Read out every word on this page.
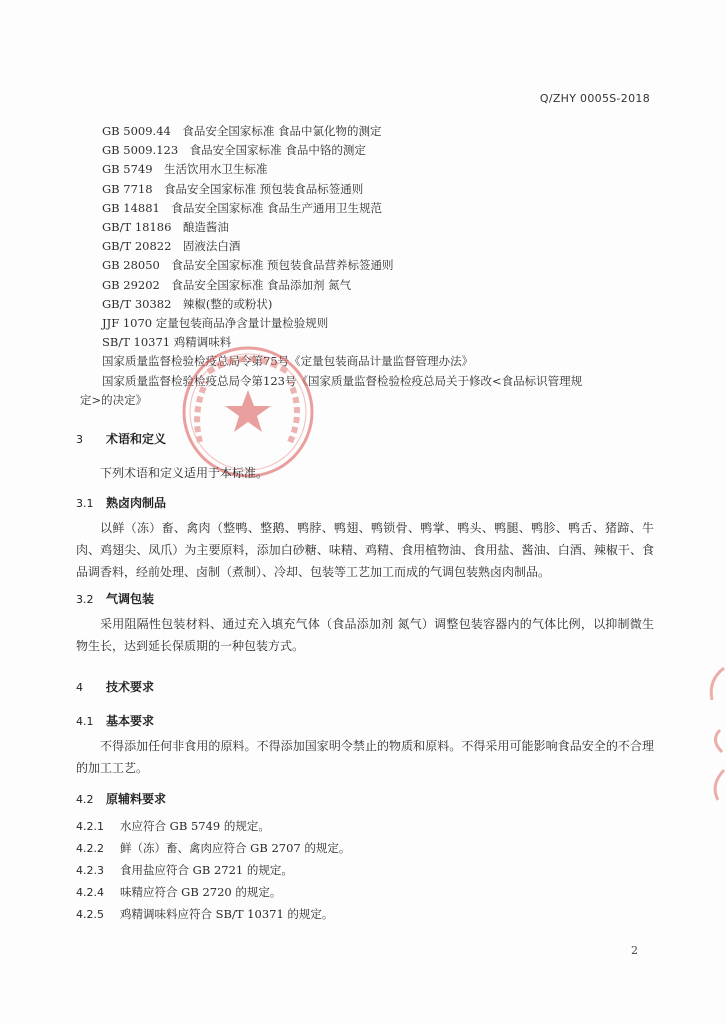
Q/ZHY 0005S-2018
GB 5009.44　食品安全国家标准 食品中氯化物的测定
GB 5009.123　食品安全国家标准 食品中铬的测定
GB 5749　生活饮用水卫生标准
GB 7718　食品安全国家标准 预包装食品标签通则
GB 14881　食品安全国家标准 食品生产通用卫生规范
GB/T 18186　酿造酱油
GB/T 20822　固液法白酒
GB 28050　食品安全国家标准 预包装食品营养标签通则
GB 29202　食品安全国家标准 食品添加剂 氮气
GB/T 30382　辣椒(整的或粉状)
JJF 1070 定量包装商品净含量计量检验规则
SB/T 10371 鸡精调味料
国家质量监督检验检疫总局令第75号《定量包装商品计量监督管理办法》
国家质量监督检验检疫总局令第123号《国家质量监督检验检疫总局关于修改<食品标识管理规
定>的决定》
3 术语和定义
下列术语和定义适用于本标准。
3.1 熟卤肉制品
以鲜（冻）畜、禽肉（整鸭、整鹅、鸭脖、鸭翅、鸭锁骨、鸭掌、鸭头、鸭腿、鸭胗、鸭舌、猪蹄、牛肉、鸡翅尖、凤爪）为主要原料，添加白砂糖、味精、鸡精、食用植物油、食用盐、酱油、白酒、辣椒干、食品调香料，经前处理、卤制（煮制）、冷却、包装等工艺加工而成的气调包装熟卤肉制品。
3.2 气调包装
采用阻隔性包装材料、通过充入填充气体（食品添加剂 氮气）调整包装容器内的气体比例，以抑制微生物生长，达到延长保质期的一种包装方式。
4 技术要求
4.1 基本要求
不得添加任何非食用的原料。不得添加国家明令禁止的物质和原料。不得采用可能影响食品安全的不合理的加工工艺。
4.2 原辅料要求
4.2.1 水应符合 GB 5749 的规定。
4.2.2 鲜（冻）畜、禽肉应符合 GB 2707 的规定。
4.2.3 食用盐应符合 GB 2721 的规定。
4.2.4 味精应符合 GB 2720 的规定。
4.2.5 鸡精调味料应符合 SB/T 10371 的规定。
2
